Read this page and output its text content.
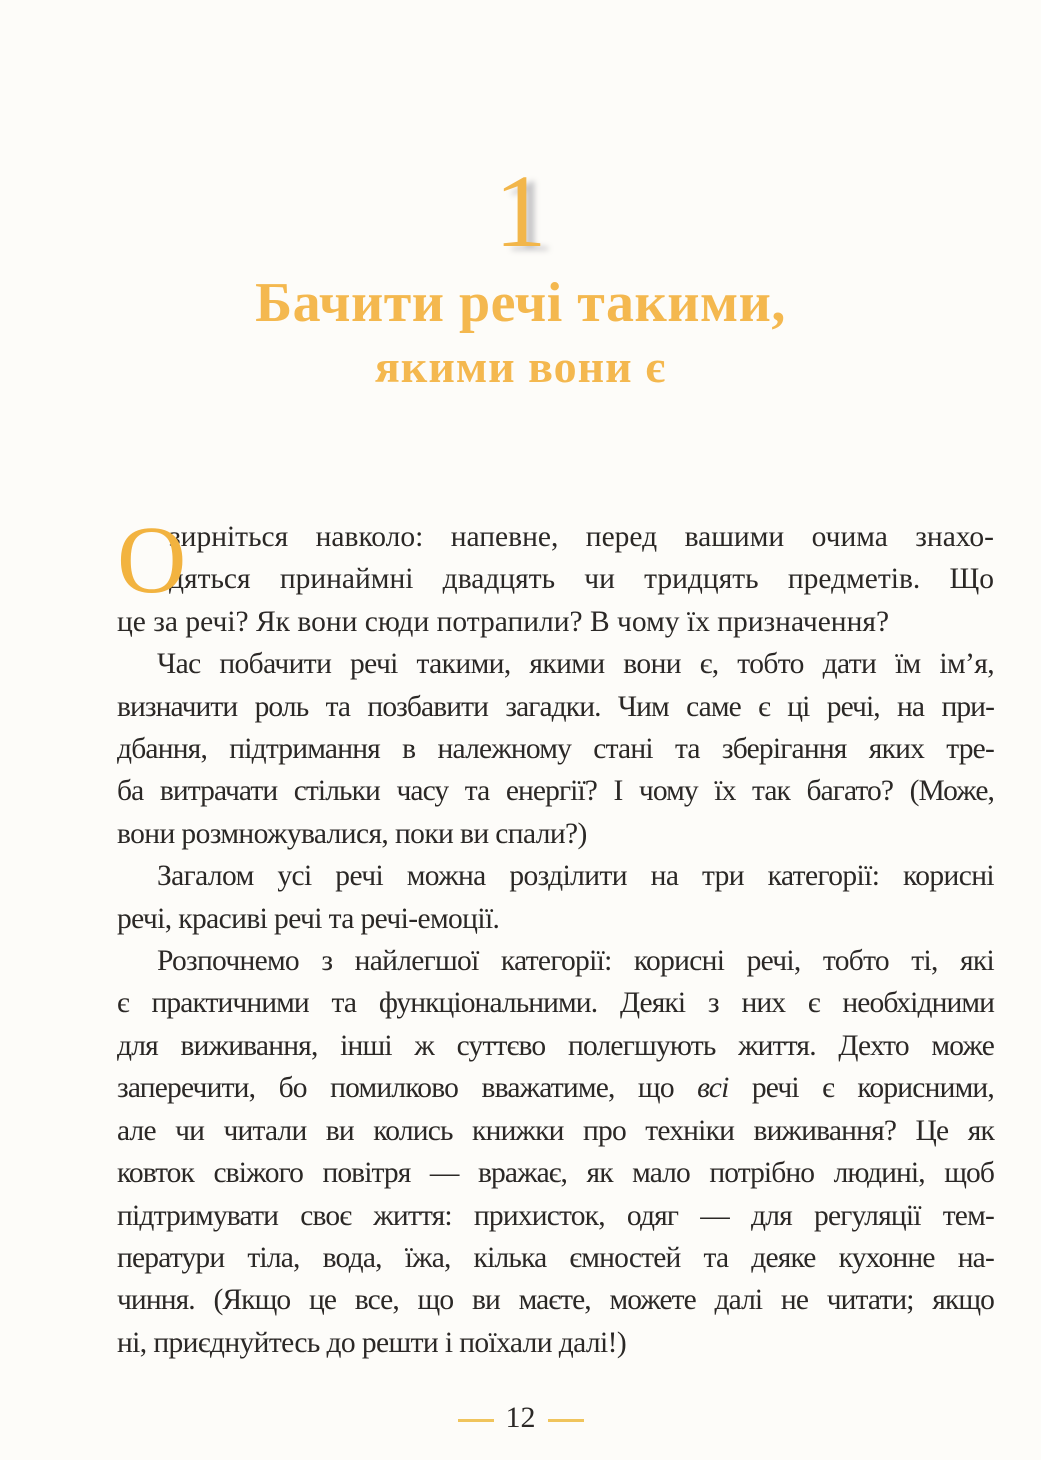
1
Бачити речі такими,
якими вони є
О
зирніться навколо: напевне, перед вашими очима знахо-
дяться принаймні двадцять чи тридцять предметів. Що
це за речі? Як вони сюди потрапили? В чому їх призначення?
Час побачити речі такими, якими вони є, тобто дати їм ім’я,
визначити роль та позбавити загадки. Чим саме є ці речі, на при-
дбання, підтримання в належному стані та зберігання яких тре-
ба витрачати стільки часу та енергії? І чому їх так багато? (Може,
вони розмножувалися, поки ви спали?)
Загалом усі речі можна розділити на три категорії: корисні
речі, красиві речі та речі-емоції.
Розпочнемо з найлегшої категорії: корисні речі, тобто ті, які
є практичними та функціональними. Деякі з них є необхідними
для виживання, інші ж суттєво полегшують життя. Дехто може
заперечити, бо помилково вважатиме, що всі речі є корисними,
але чи читали ви колись книжки про техніки виживання? Це як
ковток свіжого повітря — вражає, як мало потрібно людині, щоб
підтримувати своє життя: прихисток, одяг — для регуляції тем-
ператури тіла, вода, їжа, кілька ємностей та деяке кухонне на-
чиння. (Якщо це все, що ви маєте, можете далі не читати; якщо
ні, приєднуйтесь до решти і поїхали далі!)
12
